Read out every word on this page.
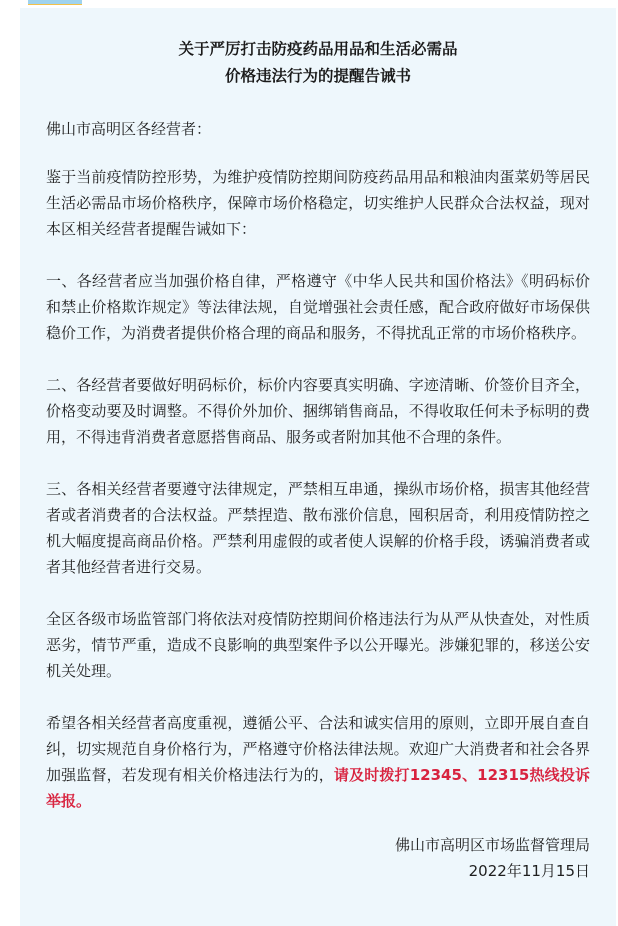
关于严厉打击防疫药品用品和生活必需品
价格违法行为的提醒告诫书

佛山市高明区各经营者：

鉴于当前疫情防控形势，为维护疫情防控期间防疫药品用品和粮油肉蛋菜奶等居民生活必需品市场价格秩序，保障市场价格稳定，切实维护人民群众合法权益，现对本区相关经营者提醒告诫如下：

一、各经营者应当加强价格自律，严格遵守《中华人民共和国价格法》《明码标价和禁止价格欺诈规定》等法律法规，自觉增强社会责任感，配合政府做好市场保供稳价工作，为消费者提供价格合理的商品和服务，不得扰乱正常的市场价格秩序。

二、各经营者要做好明码标价，标价内容要真实明确、字迹清晰、价签价目齐全，价格变动要及时调整。不得价外加价、捆绑销售商品，不得收取任何未予标明的费用，不得违背消费者意愿搭售商品、服务或者附加其他不合理的条件。

三、各相关经营者要遵守法律规定，严禁相互串通，操纵市场价格，损害其他经营者或者消费者的合法权益。严禁捏造、散布涨价信息，囤积居奇，利用疫情防控之机大幅度提高商品价格。严禁利用虚假的或者使人误解的价格手段，诱骗消费者或者其他经营者进行交易。

全区各级市场监管部门将依法对疫情防控期间价格违法行为从严从快查处，对性质恶劣，情节严重，造成不良影响的典型案件予以公开曝光。涉嫌犯罪的，移送公安机关处理。

希望各相关经营者高度重视，遵循公平、合法和诚实信用的原则，立即开展自查自纠，切实规范自身价格行为，严格遵守价格法律法规。欢迎广大消费者和社会各界加强监督，若发现有相关价格违法行为的，请及时拨打12345、12315热线投诉举报。

佛山市高明区市场监督管理局
2022年11月15日
